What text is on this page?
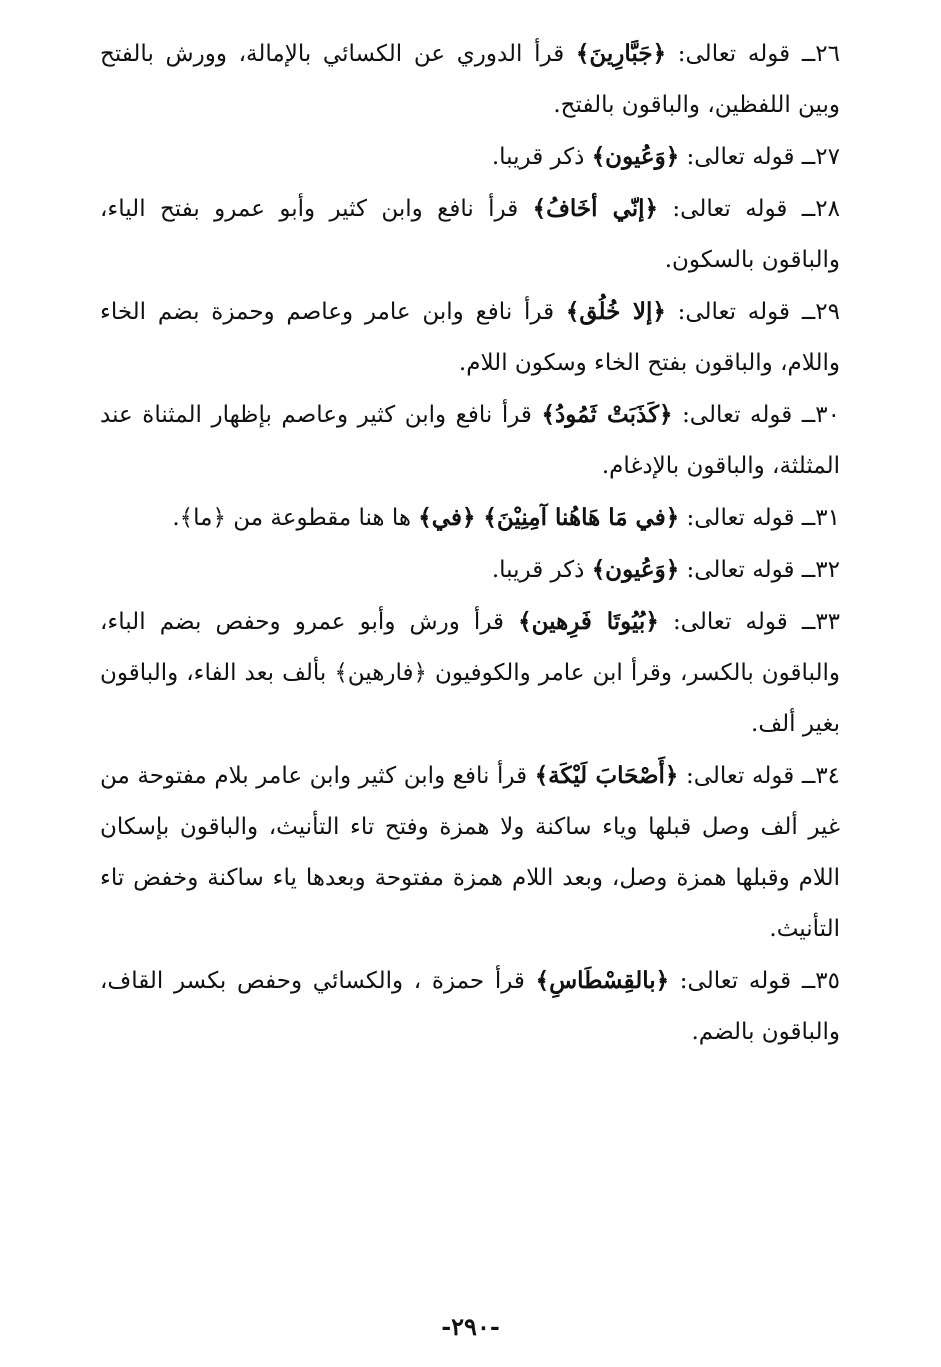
٢٦ــ قوله تعالى: ﴿جَبَّارِينَ﴾ قرأ الدوري عن الكسائي بالإمالة، وورش بالفتح وبين اللفظين، والباقون بالفتح.

٢٧ــ قوله تعالى: ﴿وَعُيون﴾ ذكر قريبا.

٢٨ــ قوله تعالى: ﴿إنّي أخَافُ﴾ قرأ نافع وابن كثير وأبو عمرو بفتح الياء، والباقون بالسكون.

٢٩ــ قوله تعالى: ﴿إلا خُلُق﴾ قرأ نافع وابن عامر وعاصم وحمزة بضم الخاء واللام، والباقون بفتح الخاء وسكون اللام.

٣٠ــ قوله تعالى: ﴿كَذَبَتْ ثَمُودُ﴾ قرأ نافع وابن كثير وعاصم بإظهار المثناة عند المثلثة، والباقون بالإدغام.

٣١ــ قوله تعالى: ﴿في مَا هَاهُنا آمِنِيْنَ﴾ ﴿في﴾ ها هنا مقطوعة من ﴿ما﴾.

٣٢ــ قوله تعالى: ﴿وَعُيون﴾ ذكر قريبا.

٣٣ــ قوله تعالى: ﴿بُيُوتَا فَرِهين﴾ قرأ ورش وأبو عمرو وحفص بضم الباء، والباقون بالكسر، وقرأ ابن عامر والكوفيون ﴿فارهين﴾ بألف بعد الفاء، والباقون بغير ألف.

٣٤ــ قوله تعالى: ﴿أَصْحَابَ لَيْكَة﴾ قرأ نافع وابن كثير وابن عامر بلام مفتوحة من غير ألف وصل قبلها وياء ساكنة ولا همزة وفتح تاء التأنيث، والباقون بإسكان اللام وقبلها همزة وصل، وبعد اللام همزة مفتوحة وبعدها ياء ساكنة وخفض تاء التأنيث.

٣٥ــ قوله تعالى: ﴿بالقِسْطَاسِ﴾ قرأ حمزة ، والكسائي وحفص بكسر القاف، والباقون بالضم.

-٢٩٠-
